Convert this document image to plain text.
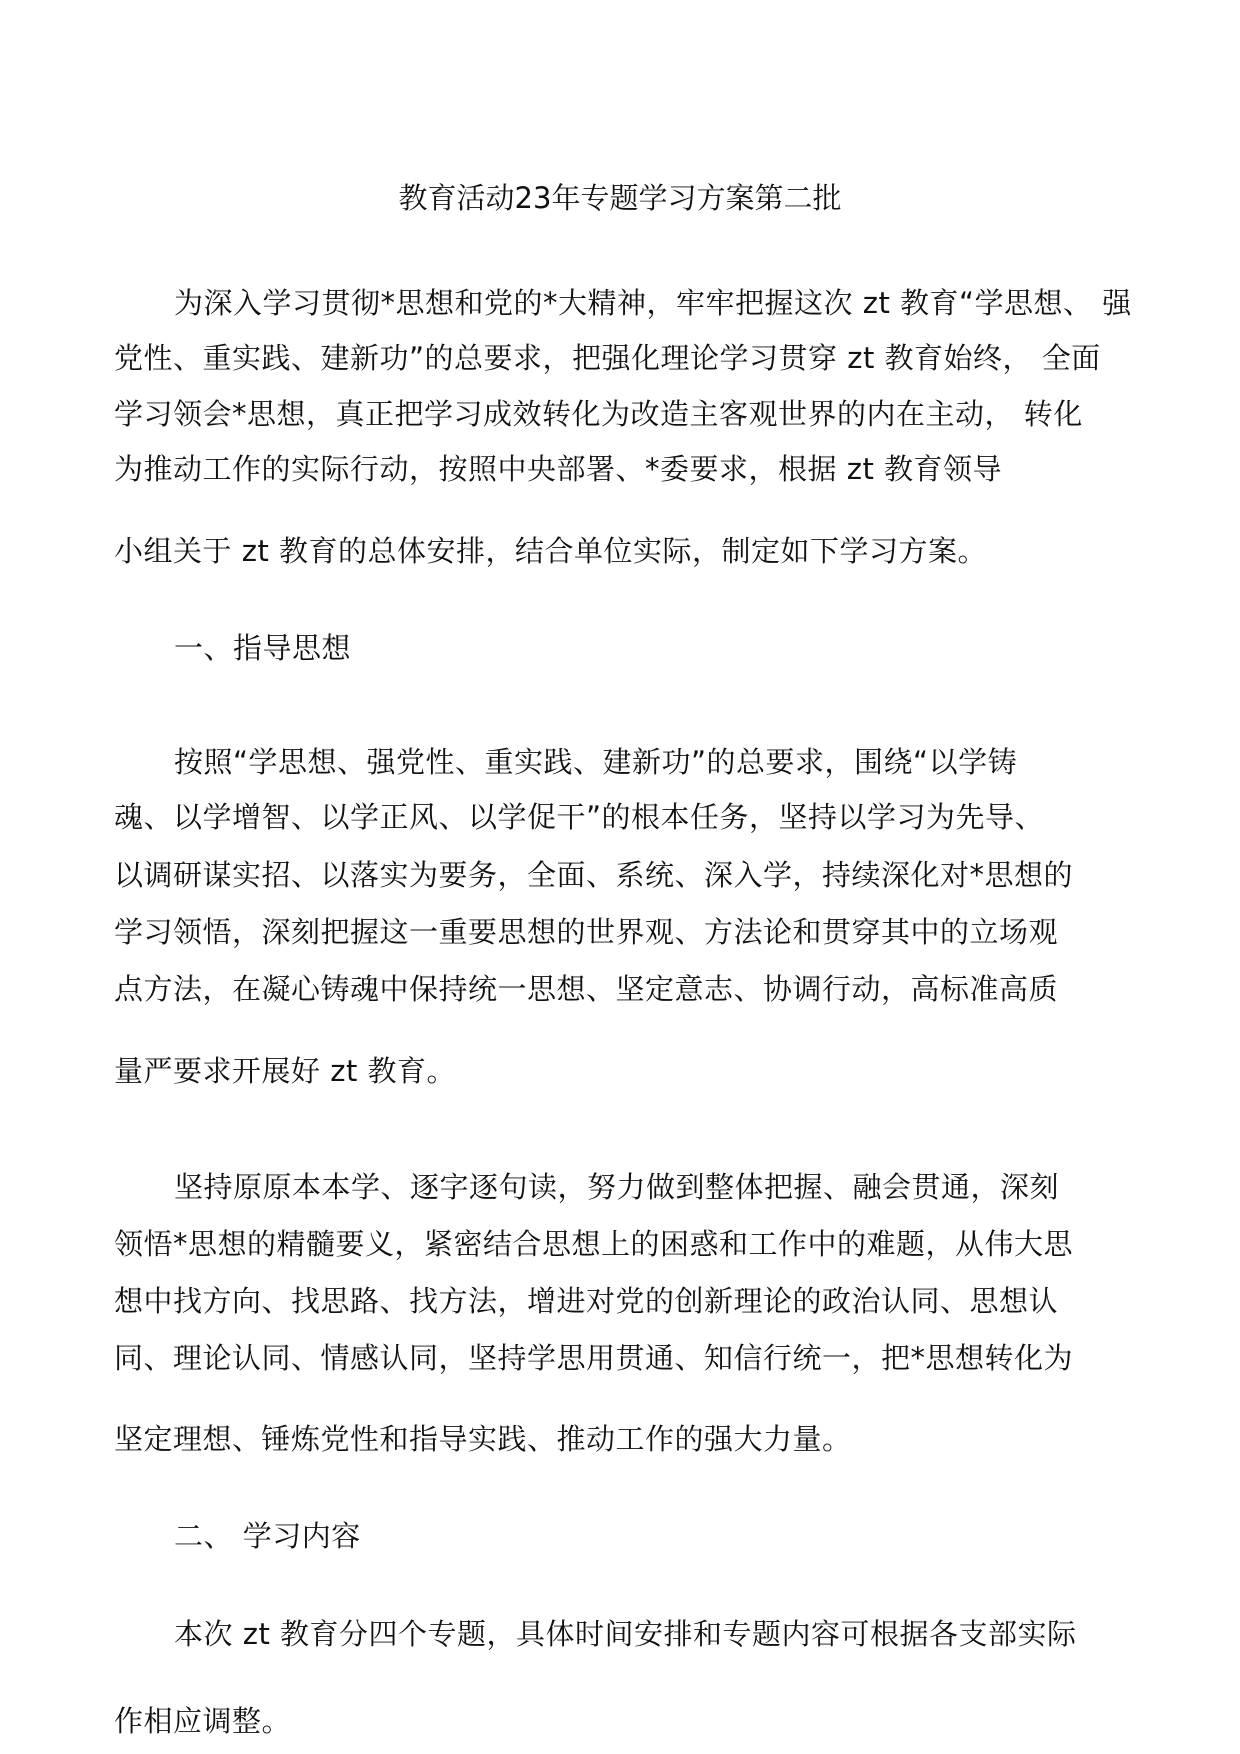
教育活动23年专题学习方案第二批
为深入学习贯彻*思想和党的*大精神，牢牢把握这次 zt 教育“学思想、 强
党性、重实践、建新功”的总要求，把强化理论学习贯穿 zt 教育始终， 全面
学习领会*思想，真正把学习成效转化为改造主客观世界的内在主动， 转化
为推动工作的实际行动，按照中央部署、*委要求，根据 zt 教育领导
小组关于 zt 教育的总体安排，结合单位实际，制定如下学习方案。
一、指导思想
按照“学思想、强党性、重实践、建新功”的总要求，围绕“以学铸
魂、以学增智、以学正风、以学促干”的根本任务，坚持以学习为先导、
以调研谋实招、以落实为要务，全面、系统、深入学，持续深化对*思想的
学习领悟，深刻把握这一重要思想的世界观、方法论和贯穿其中的立场观
点方法，在凝心铸魂中保持统一思想、坚定意志、协调行动，高标准高质
量严要求开展好 zt 教育。
坚持原原本本学、逐字逐句读，努力做到整体把握、融会贯通，深刻
领悟*思想的精髓要义，紧密结合思想上的困惑和工作中的难题，从伟大思
想中找方向、找思路、找方法，增进对党的创新理论的政治认同、思想认
同、理论认同、情感认同，坚持学思用贯通、知信行统一，把*思想转化为
坚定理想、锤炼党性和指导实践、推动工作的强大力量。
二、 学习内容
本次 zt 教育分四个专题，具体时间安排和专题内容可根据各支部实际
作相应调整。
